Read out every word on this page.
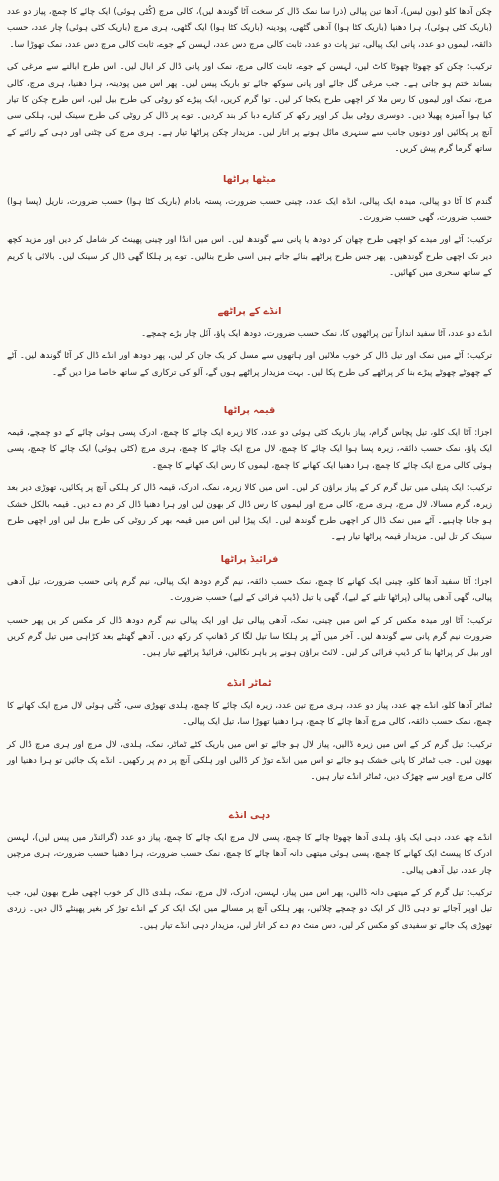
چکن آدھا کلو (بون لیس)، آدھا تین پیالی (ذرا سا نمک ڈال کر سخت آٹا گوندھ لیں)، کالی مرچ (کُٹی ہوئی) ایک چائے کا چمچ، پیاز دو عدد (باریک کٹی ہوئی)، ہرا دھنیا (باریک کٹا ہوا) آدھی گٹھی، پودینہ (باریک کٹا ہوا) ایک گٹھی، ہری مرچ (باریک کٹی ہوئی) چار عدد، حسب ذائقہ، لیموں دو عدد، پانی ایک پیالی، تیز پات دو عدد، ثابت کالی مرچ دس عدد، لہسن کے جوے، ثابت کالی مرچ دس عدد، نمک تھوڑا سا۔

ترکیب: چکن کو چھوٹا چھوٹا کاٹ لیں، لہسن کے جوے، ثابت کالی مرچ، نمک اور پانی ڈال کر ابال لیں۔ اس طرح ابالنے سے مرغی کی بساند ختم ہو جاتی ہے۔ جب مرغی گل جائے اور پانی سوکھ جائے تو باریک پیس لیں۔ پھر اس میں پودینہ، ہرا دھنیا، ہری مرچ، کالی مرچ، نمک اور لیموں کا رس ملا کر اچھی طرح یکجا کر لیں۔ توا گرم کریں، ایک پیڑے کو روٹی کی طرح بیل لیں، اس طرح چکن کا تیار کیا ہوا آمیزہ پھیلا دیں۔ دوسری روٹی بیل کر اوپر رکھ کر کنارے دبا کر بند کردیں۔ توے پر ڈال کر روٹی کی طرح سینک لیں، ہلکی سی آنچ پر پکائیں اور دونوں جانب سے سنہری مائل ہونے پر اتار لیں۔ مزیدار چکن پراٹھا تیار ہے۔ ہری مرچ کی چٹنی اور دہی کے رائتے کے ساتھ گرما گرم پیش کریں۔

میٹھا پراٹھا

گندم کا آٹا دو پیالی، میدہ ایک پیالی، انڈہ ایک عدد، چینی حسب ضرورت، پستہ بادام (باریک کٹا ہوا) حسب ضرورت، ناریل (پسا ہوا) حسب ضرورت، گھی حسب ضرورت۔

ترکیب: آٹے اور میدے کو اچھی طرح چھان کر دودھ یا پانی سے گوندھ لیں۔ اس میں انڈا اور چینی پھینٹ کر شامل کر دیں اور مزید کچھ دیر تک اچھی طرح گوندھیں۔ پھر جس طرح پراٹھے بنائے جاتے ہیں اسی طرح بنالیں۔ توے پر ہلکا گھی ڈال کر سینک لیں۔ بالائی یا کریم کے ساتھ سحری میں کھائیں۔

انڈے کے پراٹھے

انڈے دو عدد، آٹا سفید اندازاً تین پراٹھوں کا، نمک حسب ضرورت، دودھ ایک پاؤ، آئل چار بڑے چمچے۔

ترکیب: آٹے میں نمک اور تیل ڈال کر خوب ملائیں اور ہاتھوں سے مسل کر یک جان کر لیں، پھر دودھ اور انڈے ڈال کر آٹا گوندھ لیں۔ آٹے کے چھوٹے چھوٹے پیڑے بنا کر پراٹھے کی طرح پکا لیں۔ بہت مزیدار پراٹھے ہوں گے، آلو کی ترکاری کے ساتھ خاصا مزا دیں گے۔

قیمہ پراٹھا

اجزا: آٹا ایک کلو، تیل پچاس گرام، پیاز باریک کٹی ہوئی دو عدد، کالا زیرہ ایک چائے کا چمچ، ادرک پسی ہوئی چائے کے دو چمچے، قیمہ ایک پاؤ، نمک حسب ذائقہ، زیرہ پسا ہوا ایک چائے کا چمچ، لال مرچ ایک چائے کا چمچ، ہری مرچ (کٹی ہوئی) ایک چائے کا چمچ، پسی ہوئی کالی مرچ ایک چائے کا چمچ، ہرا دھنیا ایک کھانے کا چمچ، لیموں کا رس ایک کھانے کا چمچ۔

ترکیب: ایک پتیلی میں تیل گرم کر کے پیاز براؤن کر لیں۔ اس میں کالا زیرہ، نمک، ادرک، قیمہ ڈال کر ہلکی آنچ پر پکائیں، تھوڑی دیر بعد زیرہ، گرم مسالا، لال مرچ، ہری مرچ، کالی مرچ اور لیموں کا رس ڈال کر بھون لیں اور ہرا دھنیا ڈال کر دم دے دیں۔ قیمہ بالکل خشک ہو جانا چاہیے۔ آٹے میں نمک ڈال کر اچھی طرح گوندھ لیں۔ ایک پیڑا لیں اس میں قیمہ بھر کر روٹی کی طرح بیل لیں اور اچھی طرح سینک کر تل لیں۔ مزیدار قیمہ پراٹھا تیار ہے۔

فرائیڈ پراٹھا

اجزا: آٹا سفید آدھا کلو، چینی ایک کھانے کا چمچ، نمک حسب ذائقہ، نیم گرم دودھ ایک پیالی، نیم گرم پانی حسب ضرورت، تیل آدھی پیالی، گھی آدھی پیالی (پراٹھا تلنے کے لیے)، گھی یا تیل (ڈیپ فرائی کے لیے) حسب ضرورت۔

ترکیب: آٹا اور میدہ مکس کر کے اس میں چینی، نمک، آدھی پیالی تیل اور ایک پیالی نیم گرم دودھ ڈال کر مکس کر یں پھر حسب ضرورت نیم گرم پانی سے گوندھ لیں۔ آخر میں آٹے پر ہلکا سا تیل لگا کر ڈھانپ کر رکھ دیں۔ آدھے گھنٹے بعد کڑاہی میں تیل گرم کریں اور بیل کر پراٹھا بنا کر ڈیپ فرائی کر لیں۔ لائٹ براؤن ہونے پر باہر نکالیں، فرائیڈ پراٹھے تیار ہیں۔

ٹماٹر انڈے

ٹماٹر آدھا کلو، انڈے چھ عدد، پیاز دو عدد، ہری مرچ تین عدد، زیرہ ایک چائے کا چمچ، ہلدی تھوڑی سی، کُٹی ہوئی لال مرچ ایک کھانے کا چمچ، نمک حسب ذائقہ، کالی مرچ آدھا چائے کا چمچ، ہرا دھنیا تھوڑا سا، تیل ایک پیالی۔

ترکیب: تیل گرم کر کے اس میں زیرہ ڈالیں، پیاز لال ہو جائے تو اس میں باریک کٹے ٹماٹر، نمک، ہلدی، لال مرچ اور ہری مرچ ڈال کر بھون لیں۔ جب ٹماٹر کا پانی خشک ہو جائے تو اس میں انڈے توڑ کر ڈالیں اور ہلکی آنچ پر دم پر رکھیں۔ انڈے پک جائیں تو ہرا دھنیا اور کالی مرچ اوپر سے چھڑک دیں، ٹماٹر انڈے تیار ہیں۔

دہی انڈے

انڈے چھ عدد، دہی ایک پاؤ، ہلدی آدھا چھوٹا چائے کا چمچ، پسی لال مرچ ایک چائے کا چمچ، پیاز دو عدد (گرائنڈر میں پیس لیں)، لہسن ادرک کا پیسٹ ایک کھانے کا چمچ، پسی ہوئی میتھی دانہ آدھا چائے کا چمچ، نمک حسب ضرورت، ہرا دھنیا حسب ضرورت، ہری مرچیں چار عدد، تیل آدھی پیالی۔

ترکیب: تیل گرم کر کے میتھی دانہ ڈالیں، پھر اس میں پیاز، لہسن، ادرک، لال مرچ، نمک، ہلدی ڈال کر خوب اچھی طرح بھون لیں، جب تیل اوپر آجائے تو دہی ڈال کر ایک دو چمچے چلائیں، پھر ہلکی آنچ پر مسالے میں ایک ایک کر کے انڈے توڑ کر بغیر پھینٹے ڈال دیں۔ زردی تھوڑی پک جائے تو سفیدی کو مکس کر لیں، دس منٹ دم دے کر اتار لیں، مزیدار دہی انڈے تیار ہیں۔
